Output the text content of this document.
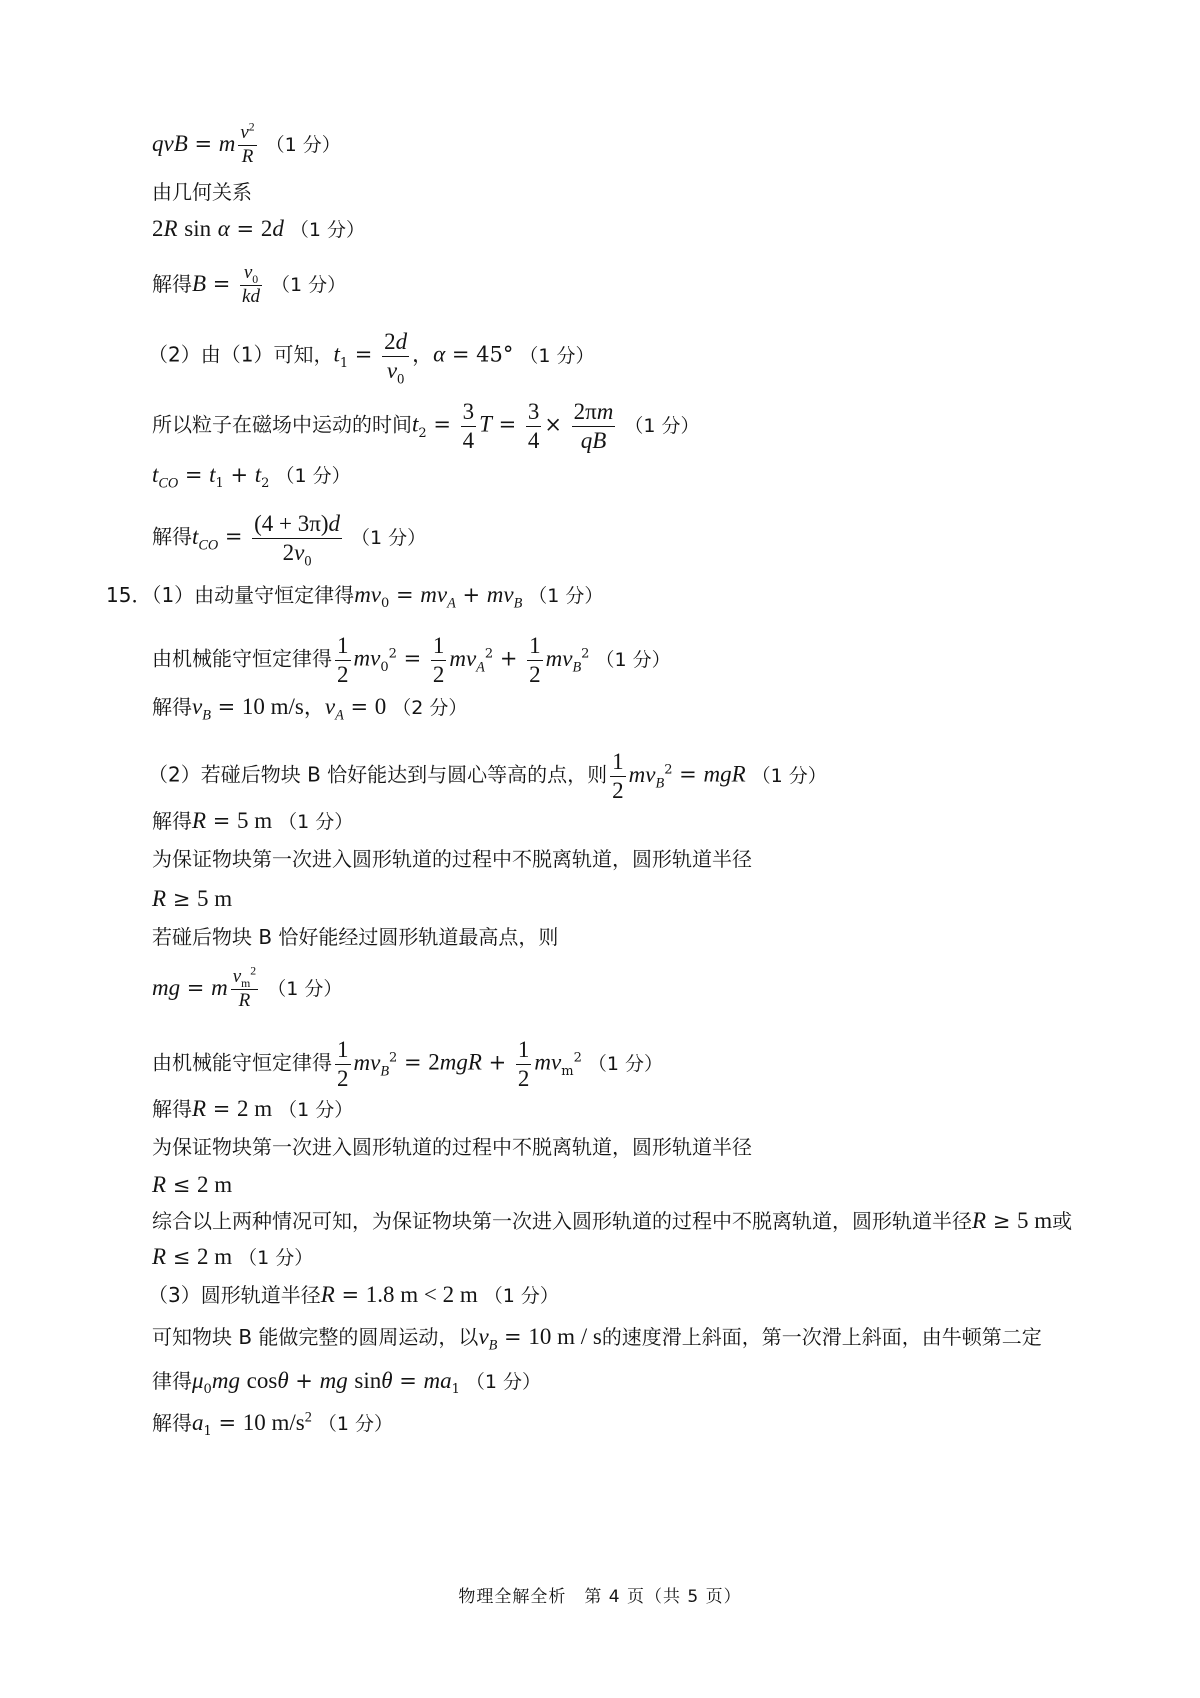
qvB = m $\frac{v^2}{R} (1$ 分）
由几何关系
2R sin α = 2d （1 分）
解得$B = \frac{v_0}{kd} (1$ 分）
（2）由（1）可知，$t_1 = \frac{2d}{v_0}$ ，α = 45° （1 分）
所以粒子在磁场中运动的时间$t_2 = \frac{3}{4}$ $T = \frac{3}{4} \times \frac{2\pi m}{qB} (1$ 分）
$t_{CO} = t_1 + t_2$ （1 分）
解得$t_{CO} = \frac{(4 + 3\pi)d}{2v_0} (1$ 分）
15．（1）由动量守恒定律得$mv_0 = mv_A + mv_B$ （1 分）
由机械能守恒定律得 $\frac{1}{2} mv_0^2 = \frac{1}{2} mv_A^2 + \frac{1}{2} mv_B^2$ （1 分）
解得$v_B = 10$ m/s，$v_A = 0$ （2 分）
（2）若碰后物块 B 恰好能达到与圆心等高的点，则 $\frac{1}{2} mv_B^2$ = mgR （1 分）
解得R = 5 m （1 分）
为保证物块第一次进入圆形轨道的过程中不脱离轨道，圆形轨道半径
R ≥ 5 m
若碰后物块 B 恰好能经过圆形轨道最高点，则
mg = m $\frac{v_m^2}{R} (1$ 分）
由机械能守恒定律得 $\frac{1}{2} mv_B^2 = 2mgR + \frac{1}{2} mv_m^2$ （1 分）
解得R = 2 m （1 分）
为保证物块第一次进入圆形轨道的过程中不脱离轨道，圆形轨道半径
R ≤ 2 m
综合以上两种情况可知，为保证物块第一次进入圆形轨道的过程中不脱离轨道，圆形轨道半径R ≥ 5 m或
R ≤ 2 m （1 分）
（3）圆形轨道半径R = 1.8 m < 2 m （1 分）
可知物块 B 能做完整的圆周运动，以$v_B = 10$ m / s的速度滑上斜面，第一次滑上斜面，由牛顿第二定
律得$\mu_0mg$ cosθ + mg $\sin\theta = ma_1$ （1 分）
解得$a_1 = 10$ $m/s^2$ （1 分）
物理全解全析　第 4 页（共 5 页）
